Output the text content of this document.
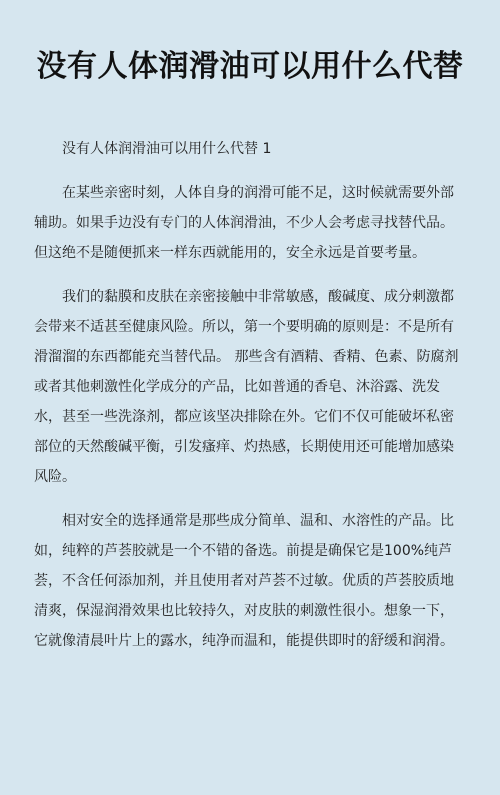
没有人体润滑油可以用什么代替

没有人体润滑油可以用什么代替 1

在某些亲密时刻，人体自身的润滑可能不足，这时候就需要外部辅助。如果手边没有专门的人体润滑油，不少人会考虑寻找替代品。但这绝不是随便抓来一样东西就能用的，安全永远是首要考量。

我们的黏膜和皮肤在亲密接触中非常敏感，酸碱度、成分刺激都会带来不适甚至健康风险。所以，第一个要明确的原则是：不是所有滑溜溜的东西都能充当替代品。 那些含有酒精、香精、色素、防腐剂或者其他刺激性化学成分的产品，比如普通的香皂、沐浴露、洗发水，甚至一些洗涤剂，都应该坚决排除在外。它们不仅可能破坏私密部位的天然酸碱平衡，引发瘙痒、灼热感，长期使用还可能增加感染风险。

相对安全的选择通常是那些成分简单、温和、水溶性的产品。比如，纯粹的芦荟胶就是一个不错的备选。前提是确保它是100%纯芦荟，不含任何添加剂，并且使用者对芦荟不过敏。优质的芦荟胶质地清爽，保湿润滑效果也比较持久，对皮肤的刺激性很小。想象一下，它就像清晨叶片上的露水，纯净而温和，能提供即时的舒缓和润滑。
